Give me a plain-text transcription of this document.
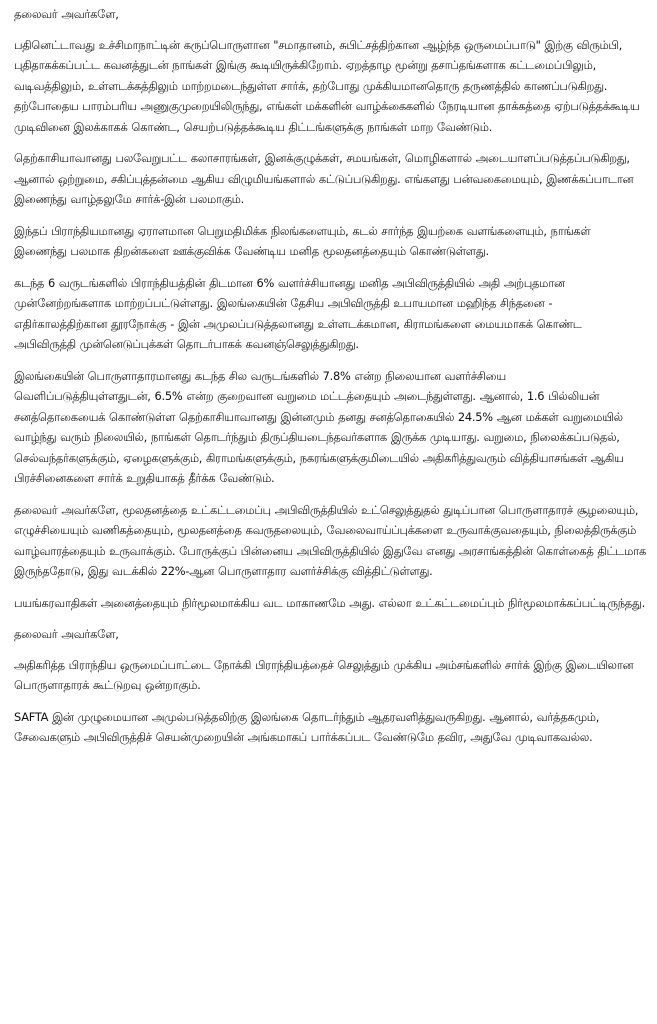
தலைவர் அவர்களே,

பதினெட்டாவது உச்சிமாநாட்டின் கருப்பொருளான "சமாதானம், சுபிட்சத்திற்கான ஆழ்ந்த ஒருமைப்பாடு" இற்கு விரும்பி, புதிதாகக்கப்பட்ட கவனத்துடன் நாங்கள் இங்கு கூடியிருக்கிறோம். ஏறத்தாழ மூன்று தசாப்தங்களாக கட்டமைப்பிலும், வடிவத்திலும், உள்ளடக்கத்திலும் மாற்றமடைந்துள்ள சார்க், தற்போது முக்கியமானதொரு தருணத்தில் காணப்படுகிறது. தற்போதைய பாரம்பரிய அணுகுமுறையிலிருந்து, எங்கள் மக்களின் வாழ்க்கைகளில் நேரடியான தாக்கத்தை ஏற்படுத்தக்கூடிய முடிவினை இலக்காகக் கொண்ட, செயற்படுத்தக்கூடிய திட்டங்களுக்கு நாங்கள் மாற வேண்டும்.

தெற்காசியாவானது பலவேறுபட்ட கலாசாரங்கள், இனக்குழுக்கள், சமயங்கள், மொழிகளால் அடையாளப்படுத்தப்படுகிறது, ஆனால் ஒற்றுமை, சகிப்புத்தன்மை ஆகிய விழுமியங்களால் கட்டுப்படுகிறது. எங்களது பன்வகைமையும், இணக்கப்பாடான இணைந்து வாழ்தலுமே சார்க்-இன் பலமாகும்.

இந்தப் பிராந்தியமானது ஏராளமான பெறுமதிமிக்க நிலங்களையும், கடல் சார்ந்த இயற்கை வளங்களையும், நாங்கள் இணைந்து பலமாக திறன்களை ஊக்குவிக்க வேண்டிய மனித மூலதனத்தையும் கொண்டுள்ளது.

கடந்த 6 வருடங்களில் பிராந்தியத்தின் திடமான 6% வளர்ச்சியானது மனித அபிவிருத்தியில் அதி அற்புதமான முன்னேற்றங்களாக மாற்றப்பட்டுள்ளது. இலங்கையின் தேசிய அபிவிருத்தி உபாயமான மஹிந்த சிந்தனை - எதிர்காலத்திற்கான தூரநோக்கு - இன் அமுலப்படுத்தலானது உள்ளடக்கமான, கிராமங்களை மையமாகக் கொண்ட அபிவிருத்தி முன்னெடுப்புக்கள் தொடர்பாகக் கவனஞ்செலுத்துகிறது.

இலங்கையின் பொருளாதாரமானது கடந்த சில வருடங்களில் 7.8% என்ற நிலையான வளர்ச்சியை வெளிப்படுத்தியுள்ளதுடன், 6.5% என்ற குறைவான வறுமை மட்டத்தையும் அடைந்துள்ளது. ஆனால், 1.6 பில்லியன் சனத்தொகையைக் கொண்டுள்ள தெற்காசியாவானது இன்னமும் தனது சனத்தொகையில் 24.5% ஆன மக்கள் வறுமையில் வாழ்ந்து வரும் நிலையில், நாங்கள் தொடர்ந்தும் திருப்தியடைந்தவர்களாக இருக்க முடியாது. வறுமை, நிலைக்கப்படுதல், செல்வந்தர்களுக்கும், ஏழைகளுக்கும், கிராமங்களுக்கும், நகரங்களுக்குமிடையில் அதிகரித்துவரும் வித்தியாசங்கள் ஆகிய பிரச்சினைகளை சார்க் உறுதியாகத் தீர்க்க வேண்டும்.

தலைவர் அவர்களே, மூலதனத்தை உட்கட்டமைப்பு அபிவிருத்தியில் உட்செலுத்துதல் துடிப்பான பொருளாதாரச் சூழலையும், எழுச்சியையும் வணிகத்தையும், மூலதனத்தை கவருதலையும், வேலைவாய்ப்புக்களை உருவாக்குவதையும், நிலைத்திருக்கும் வாழ்வாரத்தையும் உருவாக்கும். போருக்குப் பின்னைய அபிவிருத்தியில் இதுவே எனது அரசாங்கத்தின் கொள்கைத் திட்டமாக இருந்ததோடு, இது வடக்கில் 22%-ஆன பொருளாதார வளர்ச்சிக்கு வித்திட்டுள்ளது.

பயங்கரவாதிகள் அனைத்தையும் நிர்மூலமாக்கிய வட மாகாணமே அது. எல்லா உட்கட்டமைப்பும் நிர்மூலமாக்கப்பட்டிருந்தது.

தலைவர் அவர்களே,

அதிகரித்த பிராந்திய ஒருமைப்பாட்டை நோக்கி பிராந்தியத்தைச் செலுத்தும் முக்கிய அம்சங்களில் சார்க் இற்கு இடையிலான பொருளாதாரக் கூட்டுறவு ஒன்றாகும்.

SAFTA இன் முழுமையான அமுல்படுத்தலிற்கு இலங்கை தொடர்ந்தும் ஆதரவளித்துவருகிறது. ஆனால், வர்த்தகமும், சேவைகளும் அபிவிருத்திச் செயன்முறையின் அங்கமாகப் பார்க்கப்பட வேண்டுமே தவிர, அதுவே முடிவாகவல்ல.
